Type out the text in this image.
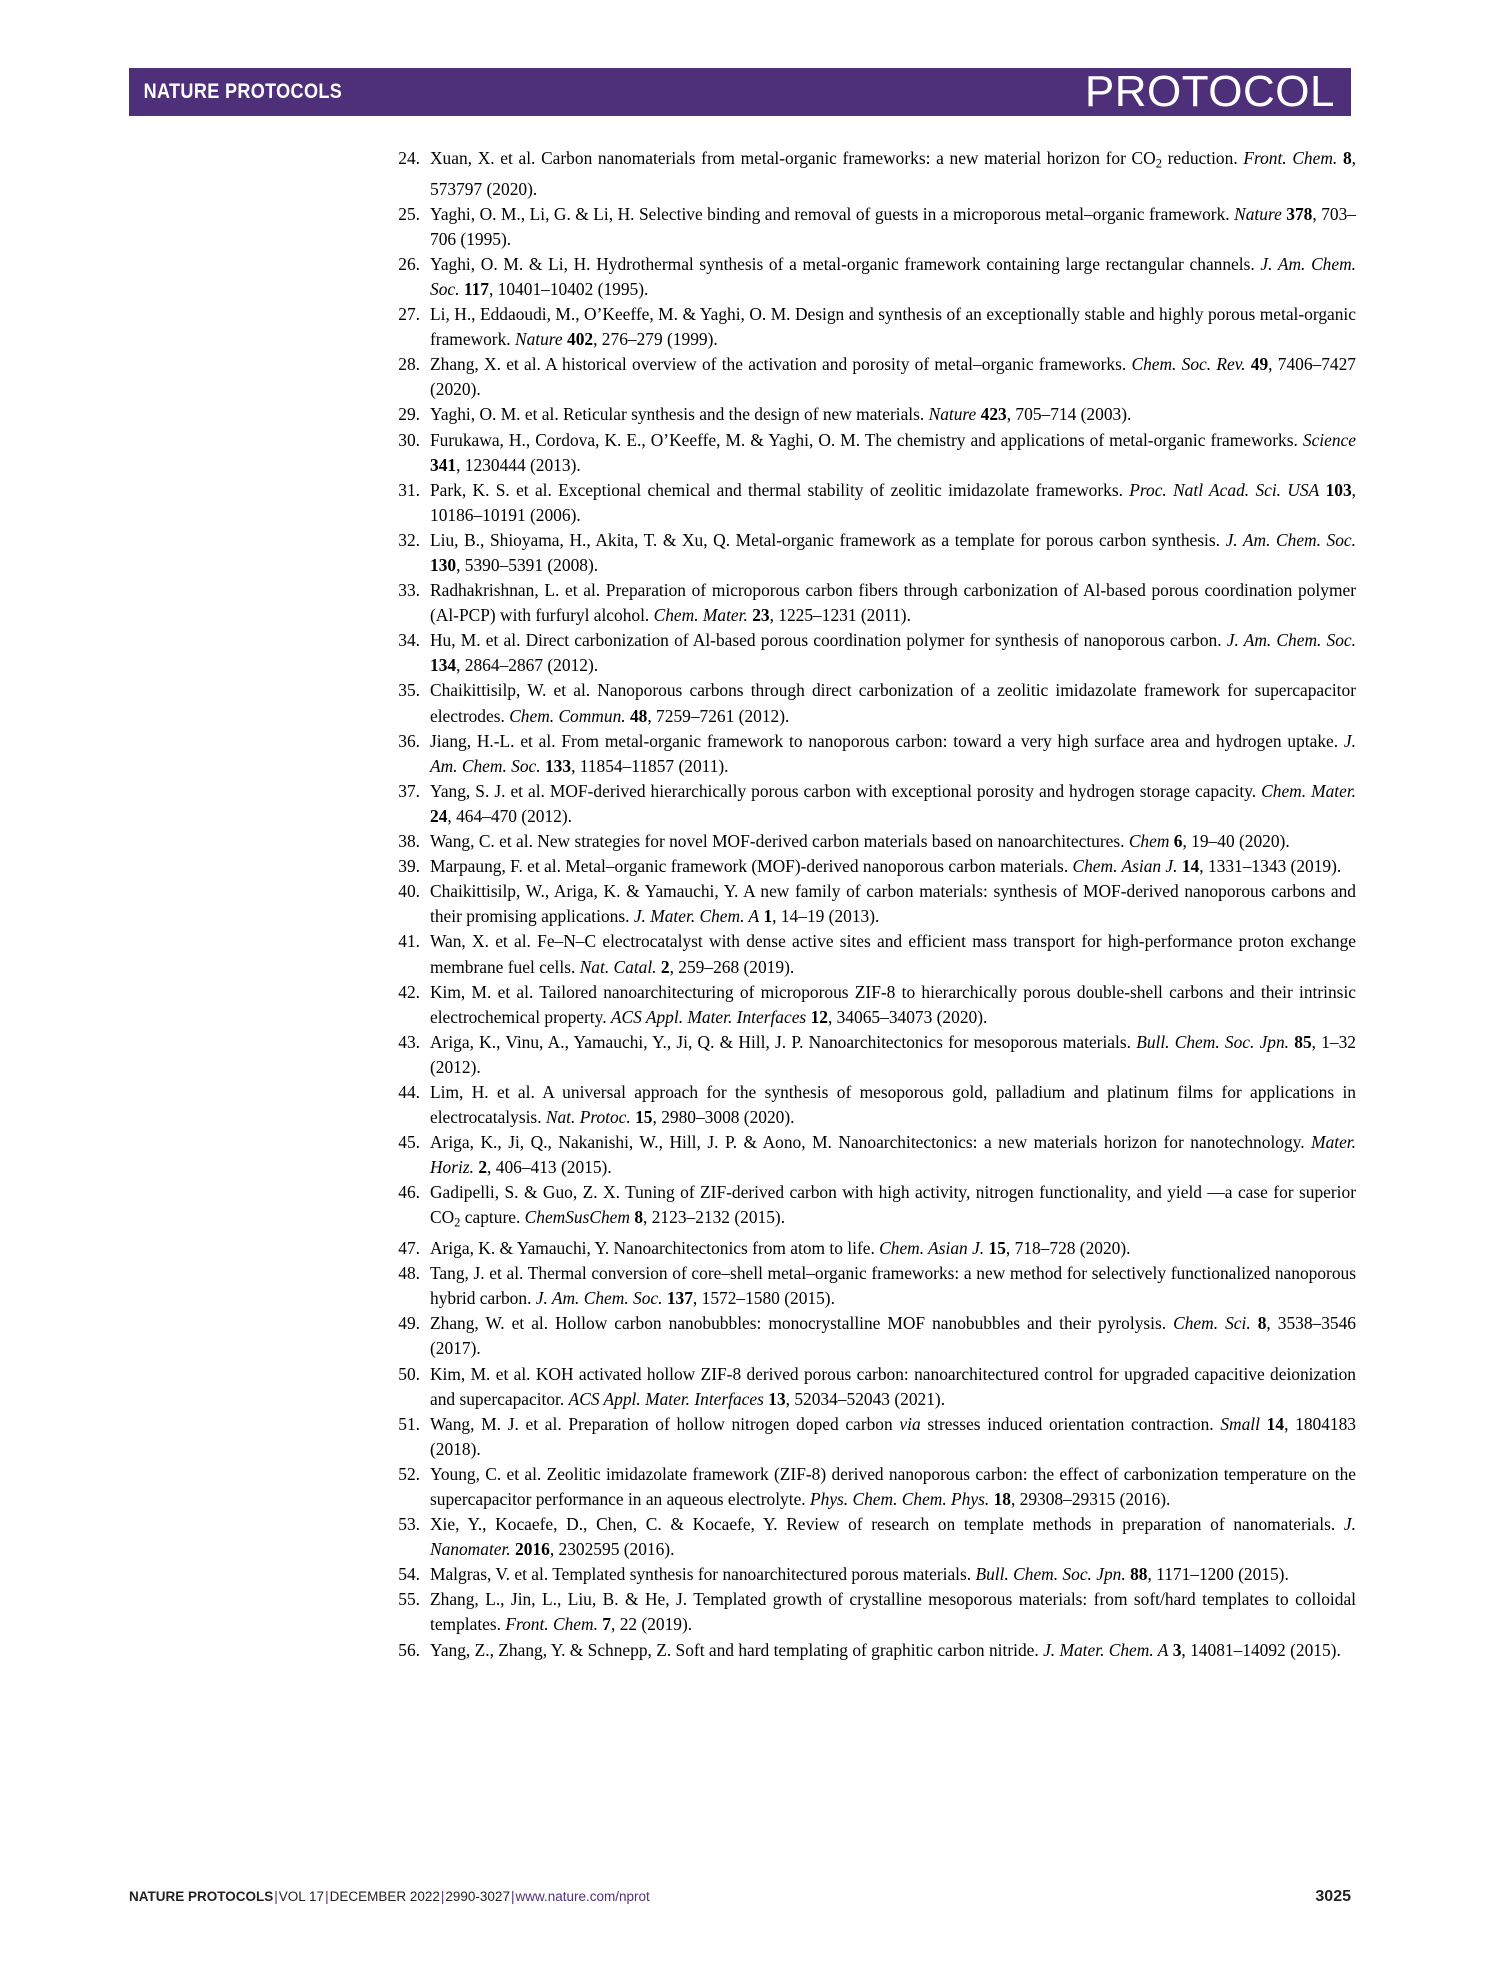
NATURE PROTOCOLS	PROTOCOL
24. Xuan, X. et al. Carbon nanomaterials from metal-organic frameworks: a new material horizon for $CO_2$ reduction. Front. Chem. 8, 573797 (2020).
25. Yaghi, O. M., Li, G. & Li, H. Selective binding and removal of guests in a microporous metal–organic framework. Nature 378, 703–706 (1995).
26. Yaghi, O. M. & Li, H. Hydrothermal synthesis of a metal-organic framework containing large rectangular channels. J. Am. Chem. Soc. 117, 10401–10402 (1995).
27. Li, H., Eddaoudi, M., O’Keeffe, M. & Yaghi, O. M. Design and synthesis of an exceptionally stable and highly porous metal-organic framework. Nature 402, 276–279 (1999).
28. Zhang, X. et al. A historical overview of the activation and porosity of metal–organic frameworks. Chem. Soc. Rev. 49, 7406–7427 (2020).
29. Yaghi, O. M. et al. Reticular synthesis and the design of new materials. Nature 423, 705–714 (2003).
30. Furukawa, H., Cordova, K. E., O’Keeffe, M. & Yaghi, O. M. The chemistry and applications of metal-organic frameworks. Science 341, 1230444 (2013).
31. Park, K. S. et al. Exceptional chemical and thermal stability of zeolitic imidazolate frameworks. Proc. Natl Acad. Sci. USA 103, 10186–10191 (2006).
32. Liu, B., Shioyama, H., Akita, T. & Xu, Q. Metal-organic framework as a template for porous carbon synthesis. J. Am. Chem. Soc. 130, 5390–5391 (2008).
33. Radhakrishnan, L. et al. Preparation of microporous carbon fibers through carbonization of Al-based porous coordination polymer (Al-PCP) with furfuryl alcohol. Chem. Mater. 23, 1225–1231 (2011).
34. Hu, M. et al. Direct carbonization of Al-based porous coordination polymer for synthesis of nanoporous carbon. J. Am. Chem. Soc. 134, 2864–2867 (2012).
35. Chaikittisilp, W. et al. Nanoporous carbons through direct carbonization of a zeolitic imidazolate framework for supercapacitor electrodes. Chem. Commun. 48, 7259–7261 (2012).
36. Jiang, H.-L. et al. From metal-organic framework to nanoporous carbon: toward a very high surface area and hydrogen uptake. J. Am. Chem. Soc. 133, 11854–11857 (2011).
37. Yang, S. J. et al. MOF-derived hierarchically porous carbon with exceptional porosity and hydrogen storage capacity. Chem. Mater. 24, 464–470 (2012).
38. Wang, C. et al. New strategies for novel MOF-derived carbon materials based on nanoarchitectures. Chem 6, 19–40 (2020).
39. Marpaung, F. et al. Metal–organic framework (MOF)-derived nanoporous carbon materials. Chem. Asian J. 14, 1331–1343 (2019).
40. Chaikittisilp, W., Ariga, K. & Yamauchi, Y. A new family of carbon materials: synthesis of MOF-derived nanoporous carbons and their promising applications. J. Mater. Chem. A 1, 14–19 (2013).
41. Wan, X. et al. Fe–N–C electrocatalyst with dense active sites and efficient mass transport for high-performance proton exchange membrane fuel cells. Nat. Catal. 2, 259–268 (2019).
42. Kim, M. et al. Tailored nanoarchitecturing of microporous ZIF-8 to hierarchically porous double-shell carbons and their intrinsic electrochemical property. ACS Appl. Mater. Interfaces 12, 34065–34073 (2020).
43. Ariga, K., Vinu, A., Yamauchi, Y., Ji, Q. & Hill, J. P. Nanoarchitectonics for mesoporous materials. Bull. Chem. Soc. Jpn. 85, 1–32 (2012).
44. Lim, H. et al. A universal approach for the synthesis of mesoporous gold, palladium and platinum films for applications in electrocatalysis. Nat. Protoc. 15, 2980–3008 (2020).
45. Ariga, K., Ji, Q., Nakanishi, W., Hill, J. P. & Aono, M. Nanoarchitectonics: a new materials horizon for nanotechnology. Mater. Horiz. 2, 406–413 (2015).
46. Gadipelli, S. & Guo, Z. X. Tuning of ZIF-derived carbon with high activity, nitrogen functionality, and yield —a case for superior $CO_2$ capture. ChemSusChem 8, 2123–2132 (2015).
47. Ariga, K. & Yamauchi, Y. Nanoarchitectonics from atom to life. Chem. Asian J. 15, 718–728 (2020).
48. Tang, J. et al. Thermal conversion of core–shell metal–organic frameworks: a new method for selectively functionalized nanoporous hybrid carbon. J. Am. Chem. Soc. 137, 1572–1580 (2015).
49. Zhang, W. et al. Hollow carbon nanobubbles: monocrystalline MOF nanobubbles and their pyrolysis. Chem. Sci. 8, 3538–3546 (2017).
50. Kim, M. et al. KOH activated hollow ZIF-8 derived porous carbon: nanoarchitectured control for upgraded capacitive deionization and supercapacitor. ACS Appl. Mater. Interfaces 13, 52034–52043 (2021).
51. Wang, M. J. et al. Preparation of hollow nitrogen doped carbon via stresses induced orientation contraction. Small 14, 1804183 (2018).
52. Young, C. et al. Zeolitic imidazolate framework (ZIF-8) derived nanoporous carbon: the effect of carbonization temperature on the supercapacitor performance in an aqueous electrolyte. Phys. Chem. Chem. Phys. 18, 29308–29315 (2016).
53. Xie, Y., Kocaefe, D., Chen, C. & Kocaefe, Y. Review of research on template methods in preparation of nanomaterials. J. Nanomater. 2016, 2302595 (2016).
54. Malgras, V. et al. Templated synthesis for nanoarchitectured porous materials. Bull. Chem. Soc. Jpn. 88, 1171–1200 (2015).
55. Zhang, L., Jin, L., Liu, B. & He, J. Templated growth of crystalline mesoporous materials: from soft/hard templates to colloidal templates. Front. Chem. 7, 22 (2019).
56. Yang, Z., Zhang, Y. & Schnepp, Z. Soft and hard templating of graphitic carbon nitride. J. Mater. Chem. A 3, 14081–14092 (2015).
NATURE PROTOCOLS|VOL 17|DECEMBER 2022|2990-3027|www.nature.com/nprot	3025
